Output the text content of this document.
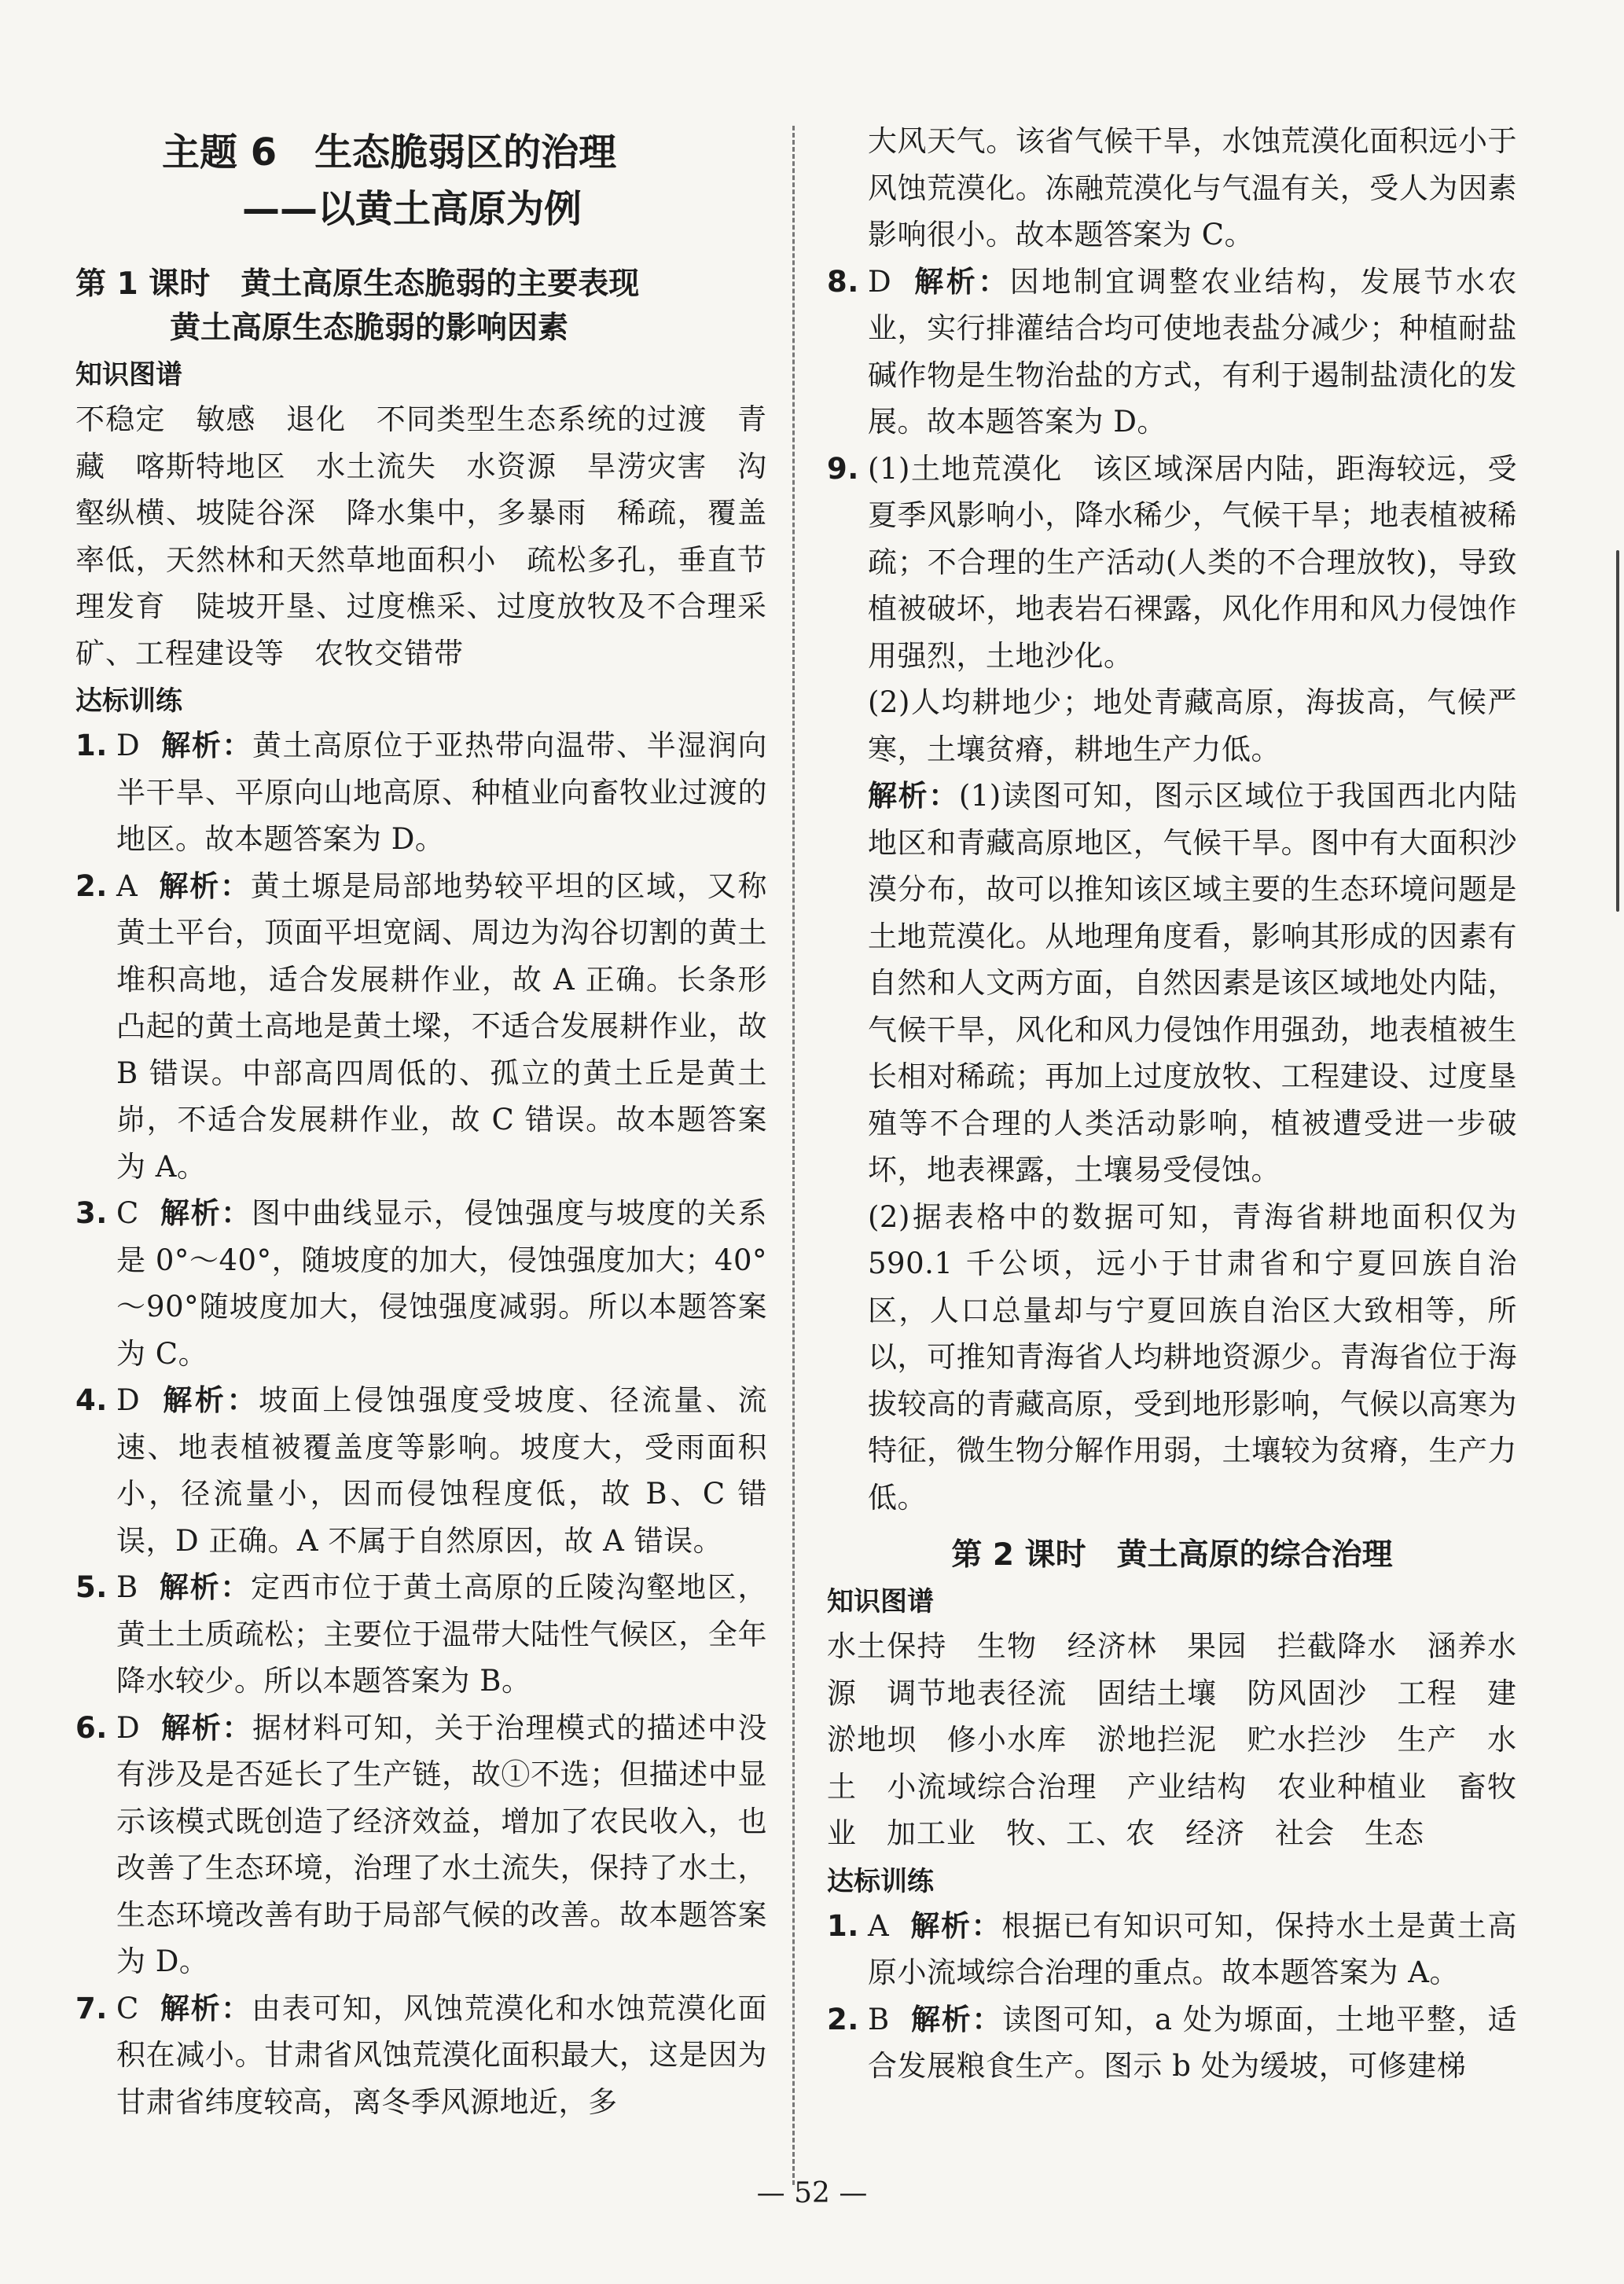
主题 6　生态脆弱区的治理
——以黄土高原为例
第 1 课时　黄土高原生态脆弱的主要表现
黄土高原生态脆弱的影响因素
知识图谱
不稳定　敏感　退化　不同类型生态系统的过渡　青藏　喀斯特地区　水土流失　水资源　旱涝灾害　沟壑纵横、坡陡谷深　降水集中，多暴雨　稀疏，覆盖率低，天然林和天然草地面积小　疏松多孔，垂直节理发育　陡坡开垦、过度樵采、过度放牧及不合理采矿、工程建设等　农牧交错带
达标训练
1. D 解析：黄土高原位于亚热带向温带、半湿润向半干旱、平原向山地高原、种植业向畜牧业过渡的地区。故本题答案为 D。
2. A 解析：黄土塬是局部地势较平坦的区域，又称黄土平台，顶面平坦宽阔、周边为沟谷切割的黄土堆积高地，适合发展耕作业，故 A 正确。长条形凸起的黄土高地是黄土墚，不适合发展耕作业，故 B 错误。中部高四周低的、孤立的黄土丘是黄土峁，不适合发展耕作业，故 C 错误。故本题答案为 A。
3. C 解析：图中曲线显示，侵蚀强度与坡度的关系是 0°～40°，随坡度的加大，侵蚀强度加大；40°～90°随坡度加大，侵蚀强度减弱。所以本题答案为 C。
4. D 解析：坡面上侵蚀强度受坡度、径流量、流速、地表植被覆盖度等影响。坡度大，受雨面积小，径流量小，因而侵蚀程度低，故 B、C 错误，D 正确。A 不属于自然原因，故 A 错误。
5. B 解析：定西市位于黄土高原的丘陵沟壑地区，黄土土质疏松；主要位于温带大陆性气候区，全年降水较少。所以本题答案为 B。
6. D 解析：据材料可知，关于治理模式的描述中没有涉及是否延长了生产链，故①不选；但描述中显示该模式既创造了经济效益，增加了农民收入，也改善了生态环境，治理了水土流失，保持了水土，生态环境改善有助于局部气候的改善。故本题答案为 D。
7. C 解析：由表可知，风蚀荒漠化和水蚀荒漠化面积在减小。甘肃省风蚀荒漠化面积最大，这是因为甘肃省纬度较高，离冬季风源地近，多
大风天气。该省气候干旱，水蚀荒漠化面积远小于风蚀荒漠化。冻融荒漠化与气温有关，受人为因素影响很小。故本题答案为 C。
8. D 解析：因地制宜调整农业结构，发展节水农业，实行排灌结合均可使地表盐分减少；种植耐盐碱作物是生物治盐的方式，有利于遏制盐渍化的发展。故本题答案为 D。
9. (1)土地荒漠化　该区域深居内陆，距海较远，受夏季风影响小，降水稀少，气候干旱；地表植被稀疏；不合理的生产活动(人类的不合理放牧)，导致植被破坏，地表岩石裸露，风化作用和风力侵蚀作用强烈，土地沙化。
(2)人均耕地少；地处青藏高原，海拔高，气候严寒，土壤贫瘠，耕地生产力低。
解析：(1)读图可知，图示区域位于我国西北内陆地区和青藏高原地区，气候干旱。图中有大面积沙漠分布，故可以推知该区域主要的生态环境问题是土地荒漠化。从地理角度看，影响其形成的因素有自然和人文两方面，自然因素是该区域地处内陆，气候干旱，风化和风力侵蚀作用强劲，地表植被生长相对稀疏；再加上过度放牧、工程建设、过度垦殖等不合理的人类活动影响，植被遭受进一步破坏，地表裸露，土壤易受侵蚀。
(2)据表格中的数据可知，青海省耕地面积仅为 590.1 千公顷，远小于甘肃省和宁夏回族自治区，人口总量却与宁夏回族自治区大致相等，所以，可推知青海省人均耕地资源少。青海省位于海拔较高的青藏高原，受到地形影响，气候以高寒为特征，微生物分解作用弱，土壤较为贫瘠，生产力低。
第 2 课时　黄土高原的综合治理
知识图谱
水土保持　生物　经济林　果园　拦截降水　涵养水源　调节地表径流　固结土壤　防风固沙　工程　建淤地坝　修小水库　淤地拦泥　贮水拦沙　生产　水土　小流域综合治理　产业结构　农业种植业　畜牧业　加工业　牧、工、农　经济　社会　生态
达标训练
1. A 解析：根据已有知识可知，保持水土是黄土高原小流域综合治理的重点。故本题答案为 A。
2. B 解析：读图可知，a 处为塬面，土地平整，适合发展粮食生产。图示 b 处为缓坡，可修建梯
— 52 —
